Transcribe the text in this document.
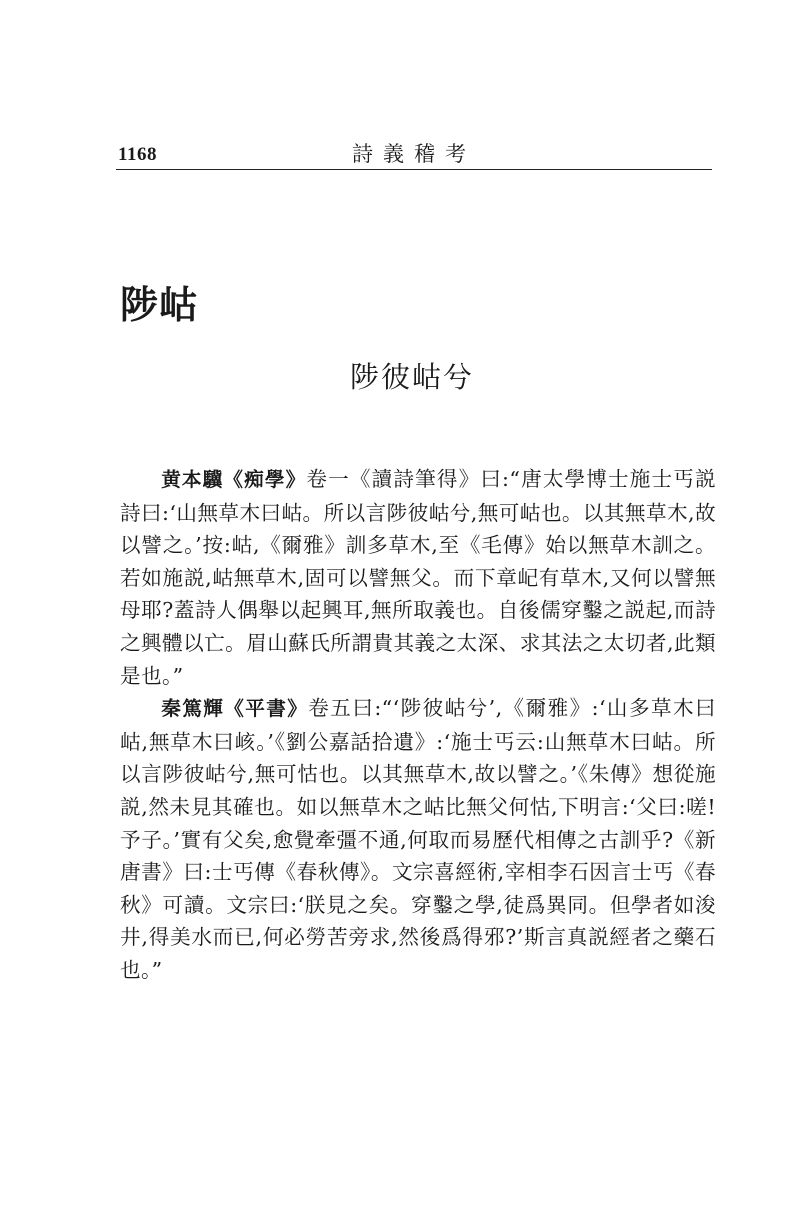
1168	詩義稽考
陟岵
陟彼岵兮

黄本驥《痴學》卷一《讀詩筆得》曰:“唐太學博士施士丐説詩曰:‘山無草木曰岵。所以言陟彼岵兮,無可岵也。以其無草木,故以譬之。’按:岵,《爾雅》訓多草木,至《毛傳》始以無草木訓之。若如施説,岵無草木,固可以譬無父。而下章屺有草木,又何以譬無母耶?蓋詩人偶舉以起興耳,無所取義也。自後儒穿鑿之説起,而詩之興體以亡。眉山蘇氏所謂貴其義之太深、求其法之太切者,此類是也。”

秦篤輝《平書》卷五曰:“‘陟彼岵兮’,《爾雅》:‘山多草木曰岵,無草木曰峐。’《劉公嘉話拾遺》:‘施士丐云:山無草木曰岵。所以言陟彼岵兮,無可怙也。以其無草木,故以譬之。’《朱傳》想從施説,然未見其確也。如以無草木之岵比無父何怙,下明言:‘父曰:嗟!予子。’實有父矣,愈覺牽彊不通,何取而易歷代相傳之古訓乎?《新唐書》曰:士丐傳《春秋傳》。文宗喜經術,宰相李石因言士丐《春秋》可讀。文宗曰:‘朕見之矣。穿鑿之學,徒爲異同。但學者如浚井,得美水而已,何必勞苦旁求,然後爲得邪?’斯言真説經者之藥石也。”
